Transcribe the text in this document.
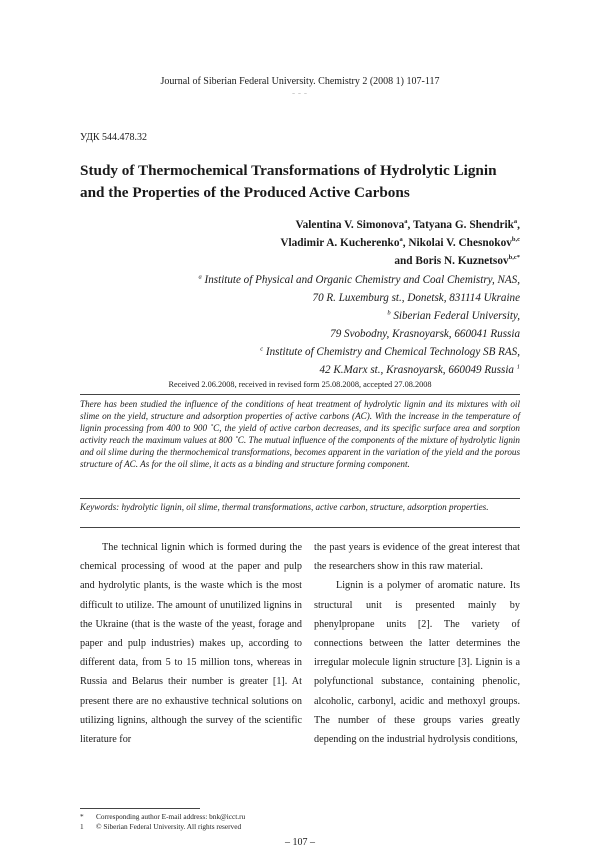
Journal of Siberian Federal University. Chemistry 2 (2008 1) 107-117
~ ~ ~
УДК 544.478.32
Study of Thermochemical Transformations of Hydrolytic Lignin
and the Properties of the Produced Active Carbons
Valentina V. Simonova$^a$, Tatyana G. Shendrik$^a$,
Vladimir A. Kucherenko$^a$, Nikolai V. Chesnokov$^{b,c}$
and Boris N. Kuznetsov$^{b,c*}$
$^a$ Institute of Physical and Organic Chemistry and Coal Chemistry, NAS,
70 R. Luxemburg st., Donetsk, 831114 Ukraine
$^b$ Siberian Federal University,
79 Svobodny, Krasnoyarsk, 660041 Russia
$^c$ Institute of Chemistry and Chemical Technology SB RAS,
42 K.Marx st., Krasnoyarsk, 660049 Russia $^1$
Received 2.06.2008, received in revised form 25.08.2008, accepted 27.08.2008
There has been studied the influence of the conditions of heat treatment of hydrolytic lignin and its mixtures with oil slime on the yield, structure and adsorption properties of active carbons (AC). With the increase in the temperature of lignin processing from 400 to 900 ˚С, the yield of active carbon decreases, and its specific surface area and sorption activity reach the maximum values at 800 ˚С. The mutual influence of the components of the mixture of hydrolytic lignin and oil slime during the thermochemical transformations, becomes apparent in the variation of the yield and the porous structure of AC. As for the oil slime, it acts as a binding and structure forming component.
Keywords: hydrolytic lignin, oil slime, thermal transformations, active carbon, structure, adsorption properties.

The technical lignin which is formed during the chemical processing of wood at the paper and pulp and hydrolytic plants, is the waste which is the most difficult to utilize. The amount of unutilized lignins in the Ukraine (that is the waste of the yeast, forage and paper and pulp industries) makes up, according to different data, from 5 to 15 million tons, whereas in Russia and Belarus their number is greater [1]. At present there are no exhaustive technical solutions on utilizing lignins, although the survey of the scientific literature for

the past years is evidence of the great interest that the researchers show in this raw material.

Lignin is a polymer of aromatic nature. Its structural unit is presented mainly by phenylpropane units [2]. The variety of connections between the latter determines the irregular molecule lignin structure [3]. Lignin is a polyfunctional substance, containing phenolic, alcoholic, carbonyl, acidic and methoxyl groups. The number of these groups varies greatly depending on the industrial hydrolysis conditions,

* Corresponding author E-mail address: bnk@icct.ru
1 © Siberian Federal University. All rights reserved
– 107 –
